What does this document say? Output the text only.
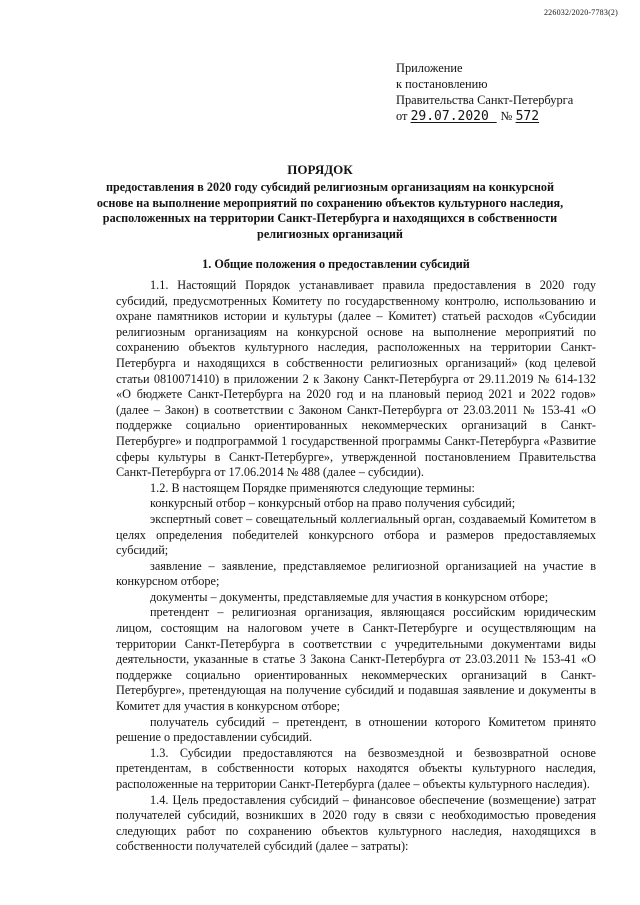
226032/2020-7783(2)
Приложение
к постановлению
Правительства Санкт-Петербурга
от 29.07.2020 № 572
ПОРЯДОК
предоставления в 2020 году субсидий религиозным организациям на конкурсной основе на выполнение мероприятий по сохранению объектов культурного наследия, расположенных на территории Санкт-Петербурга и находящихся в собственности религиозных организаций
1. Общие положения о предоставлении субсидий

1.1. Настоящий Порядок устанавливает правила предоставления в 2020 году субсидий, предусмотренных Комитету по государственному контролю, использованию и охране памятников истории и культуры (далее – Комитет) статьей расходов «Субсидии религиозным организациям на конкурсной основе на выполнение мероприятий по сохранению объектов культурного наследия, расположенных на территории Санкт-Петербурга и находящихся в собственности религиозных организаций» (код целевой статьи 0810071410) в приложении 2 к Закону Санкт-Петербурга от 29.11.2019 № 614-132 «О бюджете Санкт-Петербурга на 2020 год и на плановый период 2021 и 2022 годов» (далее – Закон) в соответствии с Законом Санкт-Петербурга от 23.03.2011 № 153-41 «О поддержке социально ориентированных некоммерческих организаций в Санкт-Петербурге» и подпрограммой 1 государственной программы Санкт-Петербурга «Развитие сферы культуры в Санкт-Петербурге», утвержденной постановлением Правительства Санкт-Петербурга от 17.06.2014 № 488 (далее – субсидии).

1.2. В настоящем Порядке применяются следующие термины:

конкурсный отбор – конкурсный отбор на право получения субсидий;

экспертный совет – совещательный коллегиальный орган, создаваемый Комитетом в целях определения победителей конкурсного отбора и размеров предоставляемых субсидий;

заявление – заявление, представляемое религиозной организацией на участие в конкурсном отборе;

документы – документы, представляемые для участия в конкурсном отборе;

претендент – религиозная организация, являющаяся российским юридическим лицом, состоящим на налоговом учете в Санкт-Петербурге и осуществляющим на территории Санкт-Петербурга в соответствии с учредительными документами виды деятельности, указанные в статье 3 Закона Санкт-Петербурга от 23.03.2011 № 153-41 «О поддержке социально ориентированных некоммерческих организаций в Санкт-Петербурге», претендующая на получение субсидий и подавшая заявление и документы в Комитет для участия в конкурсном отборе;

получатель субсидий – претендент, в отношении которого Комитетом принято решение о предоставлении субсидий.

1.3. Субсидии предоставляются на безвозмездной и безвозвратной основе претендентам, в собственности которых находятся объекты культурного наследия, расположенные на территории Санкт-Петербурга (далее – объекты культурного наследия).

1.4. Цель предоставления субсидий – финансовое обеспечение (возмещение) затрат получателей субсидий, возникших в 2020 году в связи с необходимостью проведения следующих работ по сохранению объектов культурного наследия, находящихся в собственности получателей субсидий (далее – затраты):
